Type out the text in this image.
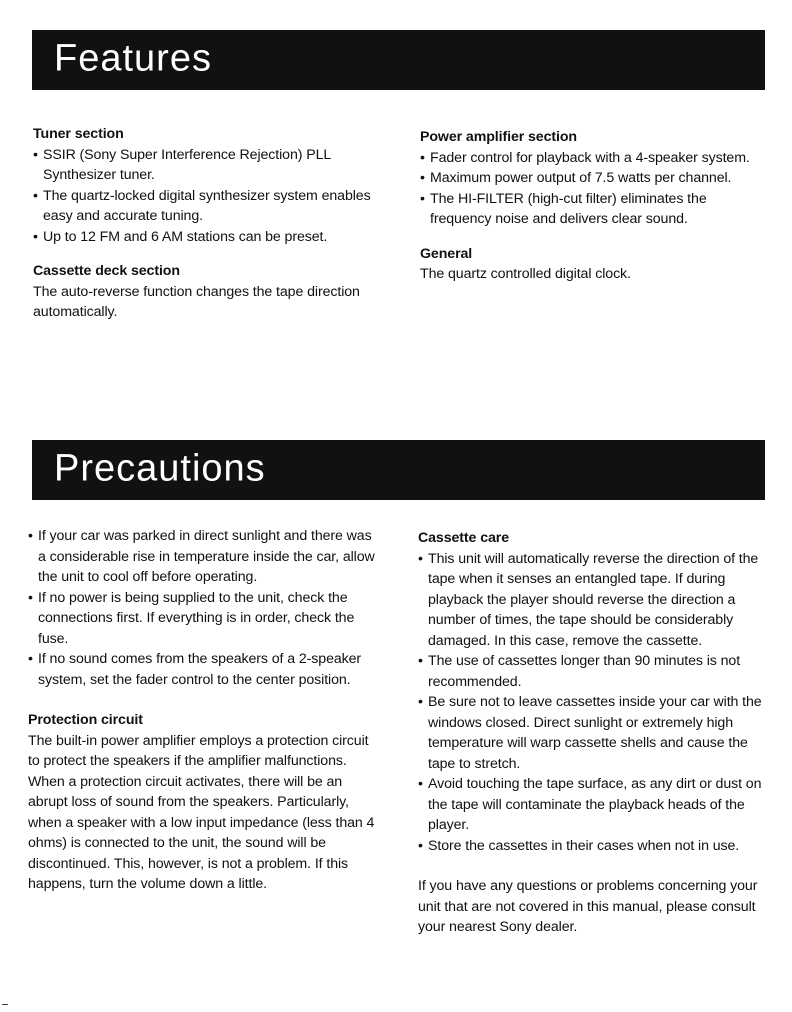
Features

Tuner section

• SSIR (Sony Super Interference Rejection) PLL Synthesizer tuner.
• The quartz-locked digital synthesizer system enables easy and accurate tuning.
• Up to 12 FM and 6 AM stations can be preset.

Cassette deck section

The auto-reverse function changes the tape direction automatically.

Power amplifier section

• Fader control for playback with a 4-speaker system.
• Maximum power output of 7.5 watts per channel.
• The HI-FILTER (high-cut filter) eliminates the frequency noise and delivers clear sound.

General

The quartz controlled digital clock.

Precautions
• If your car was parked in direct sunlight and there was a considerable rise in temperature inside the car, allow the unit to cool off before operating.
• If no power is being supplied to the unit, check the connections first. If everything is in order, check the fuse.
• If no sound comes from the speakers of a 2-speaker system, set the fader control to the center position.

Protection circuit

The built-in power amplifier employs a protection circuit to protect the speakers if the amplifier malfunctions. When a protection circuit activates, there will be an abrupt loss of sound from the speakers. Particularly, when a speaker with a low input impedance (less than 4 ohms) is connected to the unit, the sound will be discontinued. This, however, is not a problem. If this happens, turn the volume down a little.

Cassette care

• This unit will automatically reverse the direction of the tape when it senses an entangled tape. If during playback the player should reverse the direction a number of times, the tape should be considerably damaged. In this case, remove the cassette.
• The use of cassettes longer than 90 minutes is not recommended.
• Be sure not to leave cassettes inside your car with the windows closed. Direct sunlight or extremely high temperature will warp cassette shells and cause the tape to stretch.
• Avoid touching the tape surface, as any dirt or dust on the tape will contaminate the playback heads of the player.
• Store the cassettes in their cases when not in use.

If you have any questions or problems concerning your unit that are not covered in this manual, please consult your nearest Sony dealer.
